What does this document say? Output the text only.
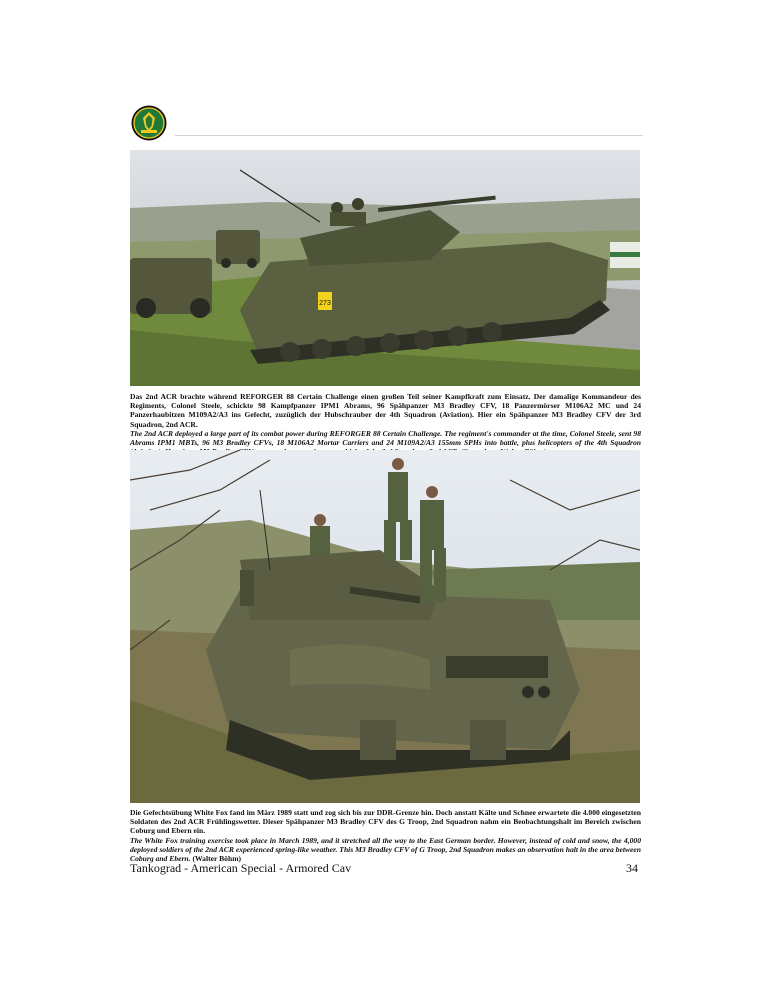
273

Das 2nd ACR brachte während REFORGER 88 Certain Challenge einen großen Teil seiner Kampfkraft zum Einsatz. Der damalige Kommandeur des Regiments, Colonel Steele, schickte 98 Kampfpanzer IPM1 Abrams, 96 Spähpanzer M3 Bradley CFV, 18 Panzermörser M106A2 MC und 24 Panzerhaubitzen M109A2/A3 ins Gefecht, zuzüglich der Hubschrauber der 4th Squadron (Aviation). Hier ein Spähpanzer M3 Bradley CFV der 3rd Squadron, 2nd ACR.

The 2nd ACR deployed a large part of its combat power during REFORGER 88 Certain Challenge. The regiment's commander at the time, Colonel Steele, sent 98 Abrams IPM1 MBTs, 96 M3 Bradley CFVs, 18 M106A2 Mortar Carriers and 24 M109A2/A3 155mm SPHs into battle, plus helicopters of the 4th Squadron

Die Gefechtsübung White Fox fand im März 1989 statt und zog sich bis zur DDR-Grenze hin. Doch anstatt Kälte und Schnee erwartete die 4.000 eingesetzten Soldaten des 2nd ACR Frühlingswetter. Dieser Spähpanzer M3 Bradley CFV des G Troop, 2nd Squadron nahm ein Beobachtungshalt im Bereich zwischen Coburg und Ebern ein.

The White Fox training exercise took place in March 1989, and it stretched all the way to the East German border. However, instead of cold and snow, the 4,000 deployed soldiers of the 2nd ACR experienced spring-like weather. This M3 Bradley CFV of G Troop, 2nd Squadron makes an observation halt in the area between Coburg and Ebern. (Walter Böhm)

Tankograd - American Special - Armored Cav	34
